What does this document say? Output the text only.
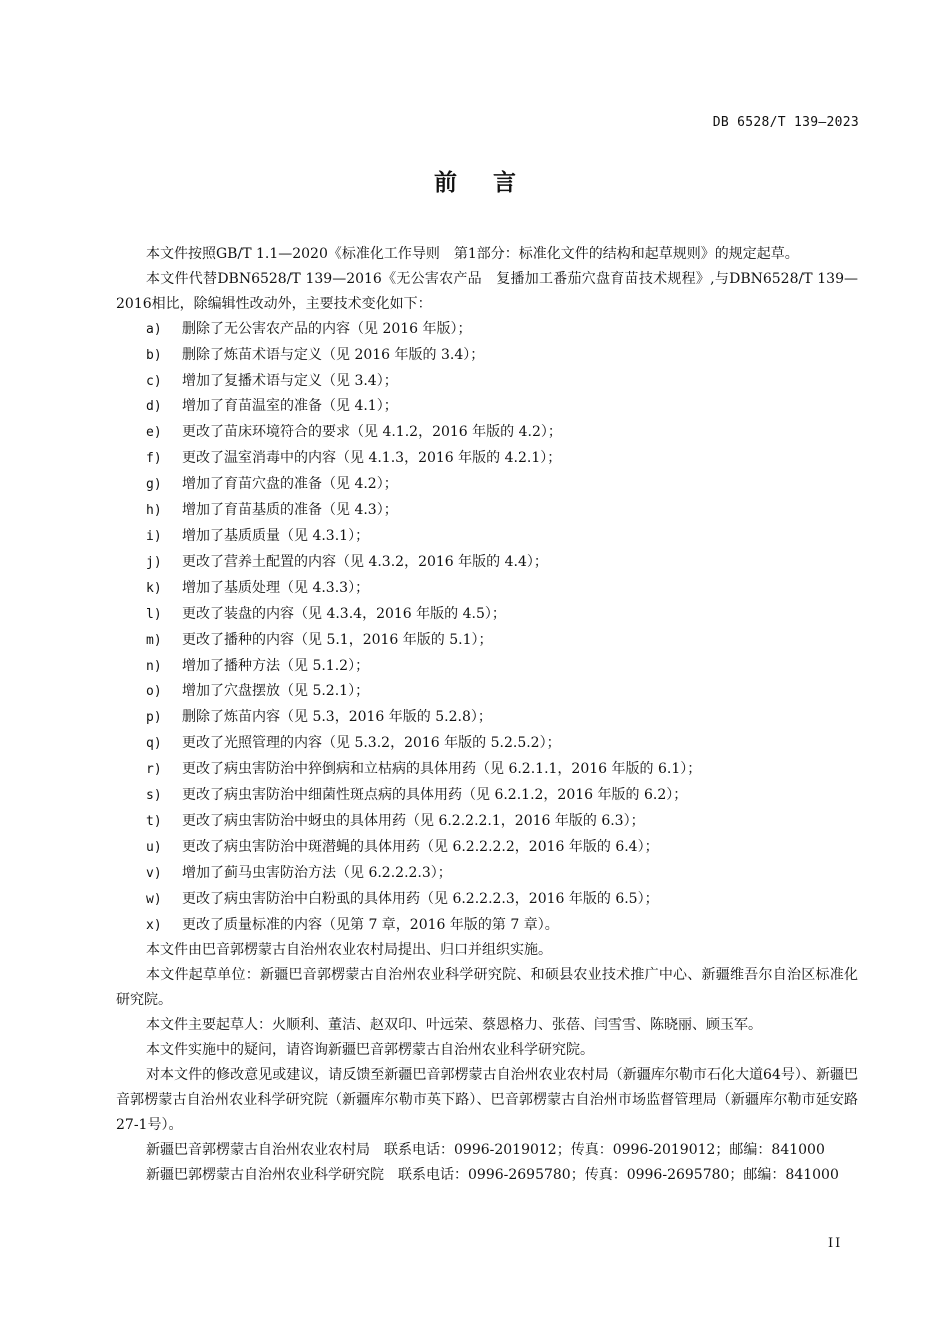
DB 6528/T 139—2023
前言

本文件按照GB/T 1.1—2020《标准化工作导则　第1部分：标准化文件的结构和起草规则》的规定起草。

本文件代替DBN6528/T 139—2016《无公害农产品　复播加工番茄穴盘育苗技术规程》,与DBN6528/T 139—2016相比，除编辑性改动外，主要技术变化如下：

a) 删除了无公害农产品的内容（见 2016 年版）；
b) 删除了炼苗术语与定义（见 2016 年版的 3.4）；
c) 增加了复播术语与定义（见 3.4）；
d) 增加了育苗温室的准备（见 4.1）；
e) 更改了苗床环境符合的要求（见 4.1.2，2016 年版的 4.2）；
f) 更改了温室消毒中的内容（见 4.1.3，2016 年版的 4.2.1）；
g) 增加了育苗穴盘的准备（见 4.2）；
h) 增加了育苗基质的准备（见 4.3）；
i) 增加了基质质量（见 4.3.1）；
j) 更改了营养土配置的内容（见 4.3.2，2016 年版的 4.4）；
k) 增加了基质处理（见 4.3.3）；
l) 更改了装盘的内容（见 4.3.4，2016 年版的 4.5）；
m) 更改了播种的内容（见 5.1，2016 年版的 5.1）；
n) 增加了播种方法（见 5.1.2）；
o) 增加了穴盘摆放（见 5.2.1）；
p) 删除了炼苗内容（见 5.3，2016 年版的 5.2.8）；
q) 更改了光照管理的内容（见 5.3.2，2016 年版的 5.2.5.2）；
r) 更改了病虫害防治中猝倒病和立枯病的具体用药（见 6.2.1.1，2016 年版的 6.1）；
s) 更改了病虫害防治中细菌性斑点病的具体用药（见 6.2.1.2，2016 年版的 6.2）；
t) 更改了病虫害防治中蚜虫的具体用药（见 6.2.2.2.1，2016 年版的 6.3）；
u) 更改了病虫害防治中斑潜蝇的具体用药（见 6.2.2.2.2，2016 年版的 6.4）；
v) 增加了蓟马虫害防治方法（见 6.2.2.2.3）；
w) 更改了病虫害防治中白粉虱的具体用药（见 6.2.2.2.3，2016 年版的 6.5）；
x) 更改了质量标准的内容（见第 7 章，2016 年版的第 7 章）。

本文件由巴音郭楞蒙古自治州农业农村局提出、归口并组织实施。

本文件起草单位：新疆巴音郭楞蒙古自治州农业科学研究院、和硕县农业技术推广中心、新疆维吾尔自治区标准化研究院。

本文件主要起草人：火顺利、董洁、赵双印、叶远荣、蔡恩格力、张蓓、闫雪雪、陈晓丽、顾玉军。

本文件实施中的疑问，请咨询新疆巴音郭楞蒙古自治州农业科学研究院。

对本文件的修改意见或建议，请反馈至新疆巴音郭楞蒙古自治州农业农村局（新疆库尔勒市石化大道64号）、新疆巴音郭楞蒙古自治州农业科学研究院（新疆库尔勒市英下路）、巴音郭楞蒙古自治州市场监督管理局（新疆库尔勒市延安路27-1号）。

新疆巴音郭楞蒙古自治州农业农村局　联系电话：0996-2019012；传真：0996-2019012；邮编：841000

新疆巴郭楞蒙古自治州农业科学研究院　联系电话：0996-2695780；传真：0996-2695780；邮编：841000

II
